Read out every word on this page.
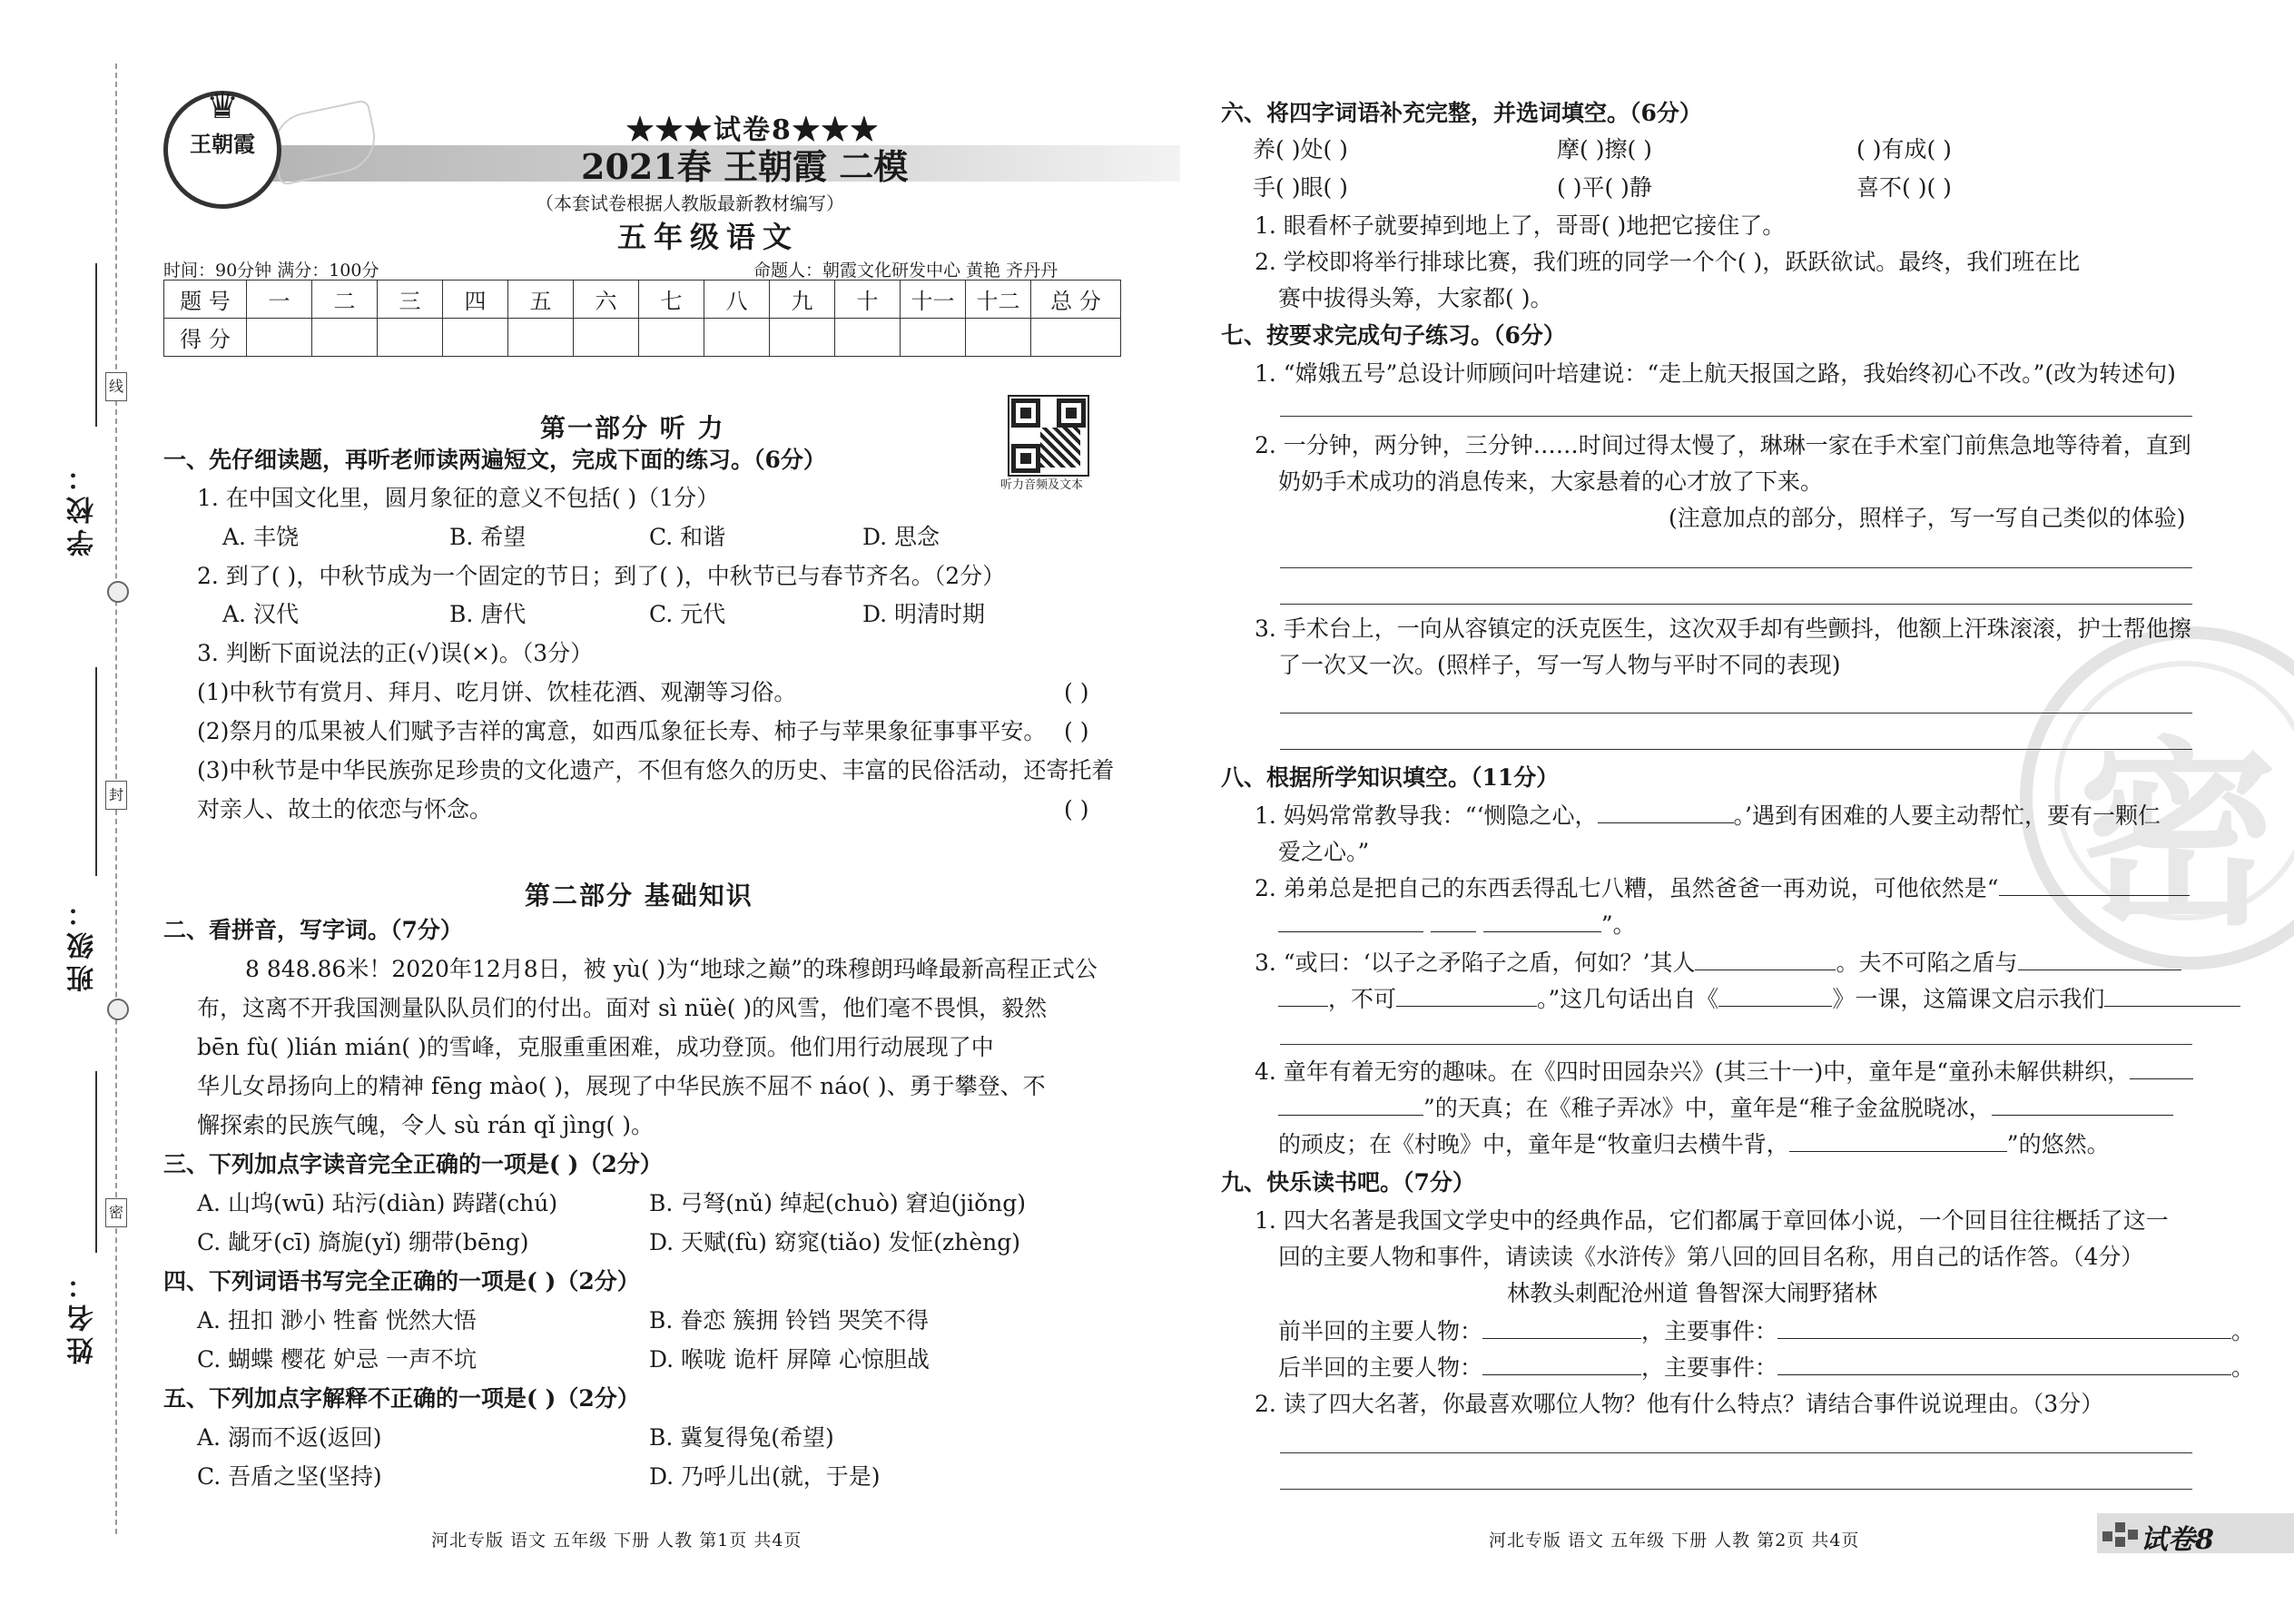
学校：
线
封
班级：
密
姓名：
♛
王朝霞	★★★试卷8★★★
2021春 王朝霞 二模
（本套试卷根据人教版最新教材编写）
五年级语文
时间：90分钟 满分：100分	命题人：朝霞文化研发中心 黄艳 齐丹丹
题 号	一	二	三	四	五	六	七	八	九	十	十一	十二	总 分
得 分													
听力音频及文本
第一部分 听 力
一、先仔细读题，再听老师读两遍短文，完成下面的练习。（6分）
1. 在中国文化里，圆月象征的意义不包括( )（1分）
A. 丰饶	B. 希望	C. 和谐	D. 思念
2. 到了( )，中秋节成为一个固定的节日；到了( )，中秋节已与春节齐名。（2分）
A. 汉代	B. 唐代	C. 元代	D. 明清时期
3. 判断下面说法的正(√)误(×)。（3分）
(1)中秋节有赏月、拜月、吃月饼、饮桂花酒、观潮等习俗。	( )
(2)祭月的瓜果被人们赋予吉祥的寓意，如西瓜象征长寿、柿子与苹果象征事事平安。 ( )
(3)中秋节是中华民族弥足珍贵的文化遗产，不但有悠久的历史、丰富的民俗活动，还寄托着
对亲人、故土的依恋与怀念。	( )
第二部分 基础知识
二、看拼音，写字词。（7分）
8 848.86米！2020年12月8日，被 yù( )为“地球之巅”的珠穆朗玛峰最新高程正式公
布，这离不开我国测量队队员们的付出。面对 sì nüè( )的风雪，他们毫不畏惧，毅然
bēn fù( )lián mián( )的雪峰，克服重重困难，成功登顶。他们用行动展现了中
华儿女昂扬向上的精神 fēng mào( )，展现了中华民族不屈不 náo( )、勇于攀登、不
懈探索的民族气魄，令人 sù rán qǐ jìng( )。
三、下列加点字读音完全正确的一项是( )（2分）
A. 山坞(wū) 玷污(diàn) 踌躇(chú)	B. 弓弩(nǔ) 绰起(chuò) 窘迫(jiǒng)
C. 龇牙(cī) 旖旎(yǐ) 绷带(bēng)	D. 天赋(fù) 窈窕(tiǎo) 发怔(zhèng)
四、下列词语书写完全正确的一项是( )（2分）
A. 扭扣 渺小 牲畜 恍然大悟	B. 眷恋 簇拥 铃铛 哭笑不得
C. 蝴蝶 樱花 妒忌 一声不坑	D. 喉咙 诡杆 屏障 心惊胆战
五、下列加点字解释不正确的一项是( )（2分）
A. 溺而不返(返回)	B. 冀复得兔(希望)
C. 吾盾之坚(坚持)	D. 乃呼儿出(就，于是)
河北专版 语文 五年级 下册 人教 第1页 共4页
密
六、将四字词语补充完整，并选词填空。（6分）
养( )处( )	摩( )擦( )	( )有成( )
手( )眼( )	( )平( )静	喜不( )( )
1. 眼看杯子就要掉到地上了，哥哥( )地把它接住了。
2. 学校即将举行排球比赛，我们班的同学一个个( )，跃跃欲试。最终，我们班在比
赛中拔得头筹，大家都( )。
七、按要求完成句子练习。（6分）
1. “嫦娥五号”总设计师顾问叶培建说：“走上航天报国之路，我始终初心不改。”(改为转述句)
2. 一分钟，两分钟，三分钟……时间过得太慢了，琳琳一家在手术室门前焦急地等待着，直到
奶奶手术成功的消息传来，大家悬着的心才放了下来。
(注意加点的部分，照样子，写一写自己类似的体验)
3. 手术台上，一向从容镇定的沃克医生，这次双手却有些颤抖，他额上汗珠滚滚，护士帮他擦
了一次又一次。(照样子，写一写人物与平时不同的表现)
八、根据所学知识填空。（11分）
1. 妈妈常常教导我：“‘恻隐之心，	。’遇到有困难的人要主动帮忙，要有一颗仁
爱之心。”
2. 弟弟总是把自己的东西丢得乱七八糟，虽然爸爸一再劝说，可他依然是“
”。
3. “或曰：‘以子之矛陷子之盾，何如？’其人	。夫不可陷之盾与
，不可	。”这几句话出自《	》一课，这篇课文启示我们
4. 童年有着无穷的趣味。在《四时田园杂兴》(其三十一)中，童年是“童孙未解供耕织，
”的天真；在《稚子弄冰》中，童年是“稚子金盆脱晓冰，
的顽皮；在《村晚》中，童年是“牧童归去横牛背，	”的悠然。
九、快乐读书吧。（7分）
1. 四大名著是我国文学史中的经典作品，它们都属于章回体小说，一个回目往往概括了这一
回的主要人物和事件，请读读《水浒传》第八回的回目名称，用自己的话作答。（4分）
林教头刺配沧州道 鲁智深大闹野猪林
前半回的主要人物：	，主要事件：	。
后半回的主要人物：	，主要事件：	。
2. 读了四大名著，你最喜欢哪位人物？他有什么特点？请结合事件说说理由。（3分）
河北专版 语文 五年级 下册 人教 第2页 共4页	试卷8
